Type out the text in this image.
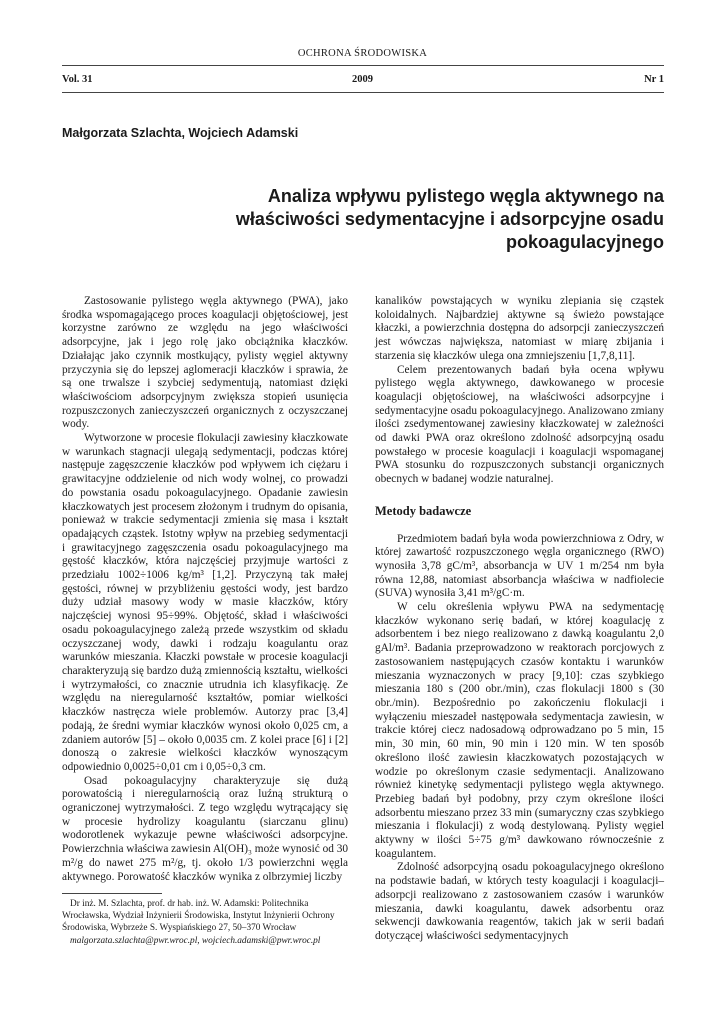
OCHRONA ŚRODOWISKA
Vol. 31	2009	Nr 1
Małgorzata Szlachta, Wojciech Adamski
Analiza wpływu pylistego węgla aktywnego na właściwości sedymentacyjne i adsorpcyjne osadu pokoagulacyjnego

Zastosowanie pylistego węgla aktywnego (PWA), jako środka wspomagającego proces koagulacji objętościowej, jest korzystne zarówno ze względu na jego właściwości adsorpcyjne, jak i jego rolę jako obciążnika kłaczków. Działając jako czynnik mostkujący, pylisty węgiel aktywny przyczynia się do lepszej aglomeracji kłaczków i sprawia, że są one trwalsze i szybciej sedymentują, natomiast dzięki właściwościom adsorpcyjnym zwiększa stopień usunięcia rozpuszczonych zanieczyszczeń organicznych z oczyszczanej wody.

Wytworzone w procesie flokulacji zawiesiny kłaczkowate w warunkach stagnacji ulegają sedymentacji, podczas której następuje zagęszczenie kłaczków pod wpływem ich ciężaru i grawitacyjne oddzielenie od nich wody wolnej, co prowadzi do powstania osadu pokoagulacyjnego. Opadanie zawiesin kłaczkowatych jest procesem złożonym i trudnym do opisania, ponieważ w trakcie sedymentacji zmienia się masa i kształt opadających cząstek. Istotny wpływ na przebieg sedymentacji i grawitacyjnego zagęszczenia osadu pokoagulacyjnego ma gęstość kłaczków, która najczęściej przyjmuje wartości z przedziału 1002÷1006 kg/m³ [1,2]. Przyczyną tak małej gęstości, równej w przybliżeniu gęstości wody, jest bardzo duży udział masowy wody w masie kłaczków, który najczęściej wynosi 95÷99%. Objętość, skład i właściwości osadu pokoagulacyjnego zależą przede wszystkim od składu oczyszczanej wody, dawki i rodzaju koagulantu oraz warunków mieszania. Kłaczki powstałe w procesie koagulacji charakteryzują się bardzo dużą zmiennością kształtu, wielkości i wytrzymałości, co znacznie utrudnia ich klasyfikację. Ze względu na nieregularność kształtów, pomiar wielkości kłaczków nastręcza wiele problemów. Autorzy prac [3,4] podają, że średni wymiar kłaczków wynosi około 0,025 cm, a zdaniem autorów [5] – około 0,0035 cm. Z kolei prace [6] i [2] donoszą o zakresie wielkości kłaczków wynoszącym odpowiednio 0,0025÷0,01 cm i 0,05÷0,3 cm.

Osad pokoagulacyjny charakteryzuje się dużą porowatością i nieregularnością oraz luźną strukturą o ograniczonej wytrzymałości. Z tego względu wytrącający się w procesie hydrolizy koagulantu (siarczanu glinu) wodorotlenek wykazuje pewne właściwości adsorpcyjne. Powierzchnia właściwa zawiesin Al(OH)₃ może wynosić od 30 m²/g do nawet 275 m²/g, tj. około 1/3 powierzchni węgla aktywnego. Porowatość kłaczków wynika z olbrzymiej liczby

kanalików powstających w wyniku zlepiania się cząstek koloidalnych. Najbardziej aktywne są świeżo powstające kłaczki, a powierzchnia dostępna do adsorpcji zanieczyszczeń jest wówczas największa, natomiast w miarę zbijania i starzenia się kłaczków ulega ona zmniejszeniu [1,7,8,11].

Celem prezentowanych badań była ocena wpływu pylistego węgla aktywnego, dawkowanego w procesie koagulacji objętościowej, na właściwości adsorpcyjne i sedymentacyjne osadu pokoagulacyjnego. Analizowano zmiany ilości zsedymentowanej zawiesiny kłaczkowatej w zależności od dawki PWA oraz określono zdolność adsorpcyjną osadu powstałego w procesie koagulacji i koagulacji wspomaganej PWA stosunku do rozpuszczonych substancji organicznych obecnych w badanej wodzie naturalnej.

Metody badawcze

Przedmiotem badań była woda powierzchniowa z Odry, w której zawartość rozpuszczonego węgla organicznego (RWO) wynosiła 3,78 gC/m³, absorbancja w UV 1 m/254 nm była równa 12,88, natomiast absorbancja właściwa w nadfiolecie (SUVA) wynosiła 3,41 m³/gC·m.

W celu określenia wpływu PWA na sedymentację kłaczków wykonano serię badań, w której koagulację z adsorbentem i bez niego realizowano z dawką koagulantu 2,0 gAl/m³. Badania przeprowadzono w reaktorach porcjowych z zastosowaniem następujących czasów kontaktu i warunków mieszania wyznaczonych w pracy [9,10]: czas szybkiego mieszania 180 s (200 obr./min), czas flokulacji 1800 s (30 obr./min). Bezpośrednio po zakończeniu flokulacji i wyłączeniu mieszadeł następowała sedymentacja zawiesin, w trakcie której ciecz nadosadową odprowadzano po 5 min, 15 min, 30 min, 60 min, 90 min i 120 min. W ten sposób określono ilość zawiesin kłaczkowatych pozostających w wodzie po określonym czasie sedymentacji. Analizowano również kinetykę sedymentacji pylistego węgla aktywnego. Przebieg badań był podobny, przy czym określone ilości adsorbentu mieszano przez 33 min (sumaryczny czas szybkiego mieszania i flokulacji) z wodą destylowaną. Pylisty węgiel aktywny w ilości 5÷75 g/m³ dawkowano równocześnie z koagulantem.

Zdolność adsorpcyjną osadu pokoagulacyjnego określono na podstawie badań, w których testy koagulacji i koagulacji–adsorpcji realizowano z zastosowaniem czasów i warunków mieszania, dawki koagulantu, dawek adsorbentu oraz sekwencji dawkowania reagentów, takich jak w serii badań dotyczącej właściwości sedymentacyjnych

Dr inż. M. Szlachta, prof. dr hab. inż. W. Adamski: Politechnika Wrocławska, Wydział Inżynierii Środowiska, Instytut Inżynierii Ochrony Środowiska, Wybrzeże S. Wyspiańskiego 27, 50–370 Wrocław

malgorzata.szlachta@pwr.wroc.pl, wojciech.adamski@pwr.wroc.pl
